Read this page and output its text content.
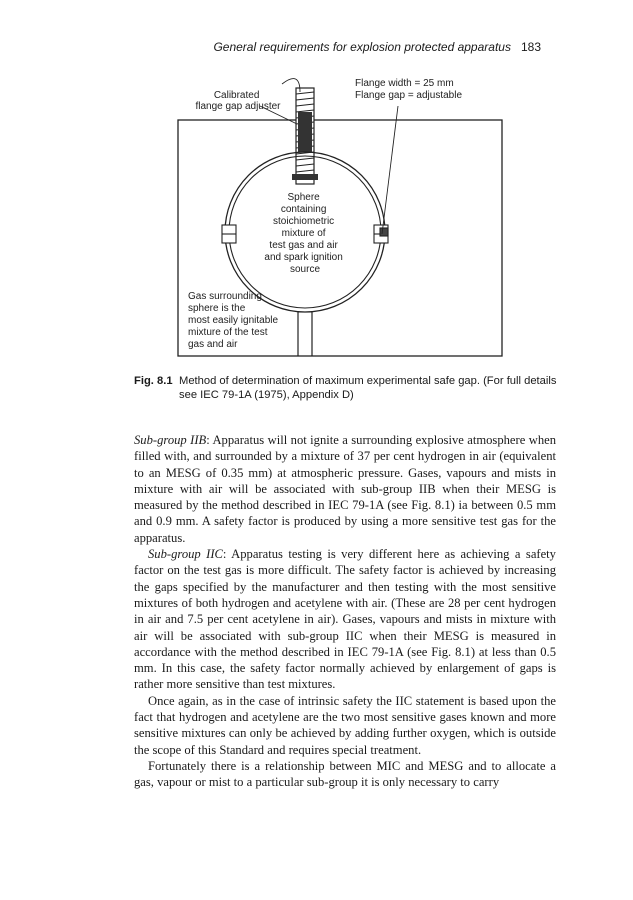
General requirements for explosion protected apparatus 183
Calibrated flange gap adjuster
Flange width = 25 mm Flange gap = adjustable
Sphere containing stoichiometric mixture of test gas and air and spark ignition source
Gas surrounding sphere is the most easily ignitable mixture of the test gas and air
Fig. 8.1 Method of determination of maximum experimental safe gap. (For full details see IEC 79-1A (1975), Appendix D)

Sub-group IIB: Apparatus will not ignite a surrounding explosive atmosphere when filled with, and surrounded by a mixture of 37 per cent hydrogen in air (equivalent to an MESG of 0.35 mm) at atmospheric pressure. Gases, vapours and mists in mixture with air will be associated with sub-group IIB when their MESG is measured by the method described in IEC 79-1A (see Fig. 8.1) ia between 0.5 mm and 0.9 mm. A safety factor is produced by using a more sensitive test gas for the apparatus.

Sub-group IIC: Apparatus testing is very different here as achieving a safety factor on the test gas is more difficult. The safety factor is achieved by increasing the gaps specified by the manufacturer and then testing with the most sensitive mixtures of both hydrogen and acetylene with air. (These are 28 per cent hydrogen in air and 7.5 per cent acetylene in air). Gases, vapours and mists in mixture with air will be associated with sub-group IIC when their MESG is measured in accordance with the method described in IEC 79-1A (see Fig. 8.1) at less than 0.5 mm. In this case, the safety factor normally achieved by enlargement of gaps is rather more sensitive than test mixtures.

Once again, as in the case of intrinsic safety the IIC statement is based upon the fact that hydrogen and acetylene are the two most sensitive gases known and more sensitive mixtures can only be achieved by adding further oxygen, which is outside the scope of this Standard and requires special treatment.

Fortunately there is a relationship between MIC and MESG and to allocate a gas, vapour or mist to a particular sub-group it is only necessary to carry
